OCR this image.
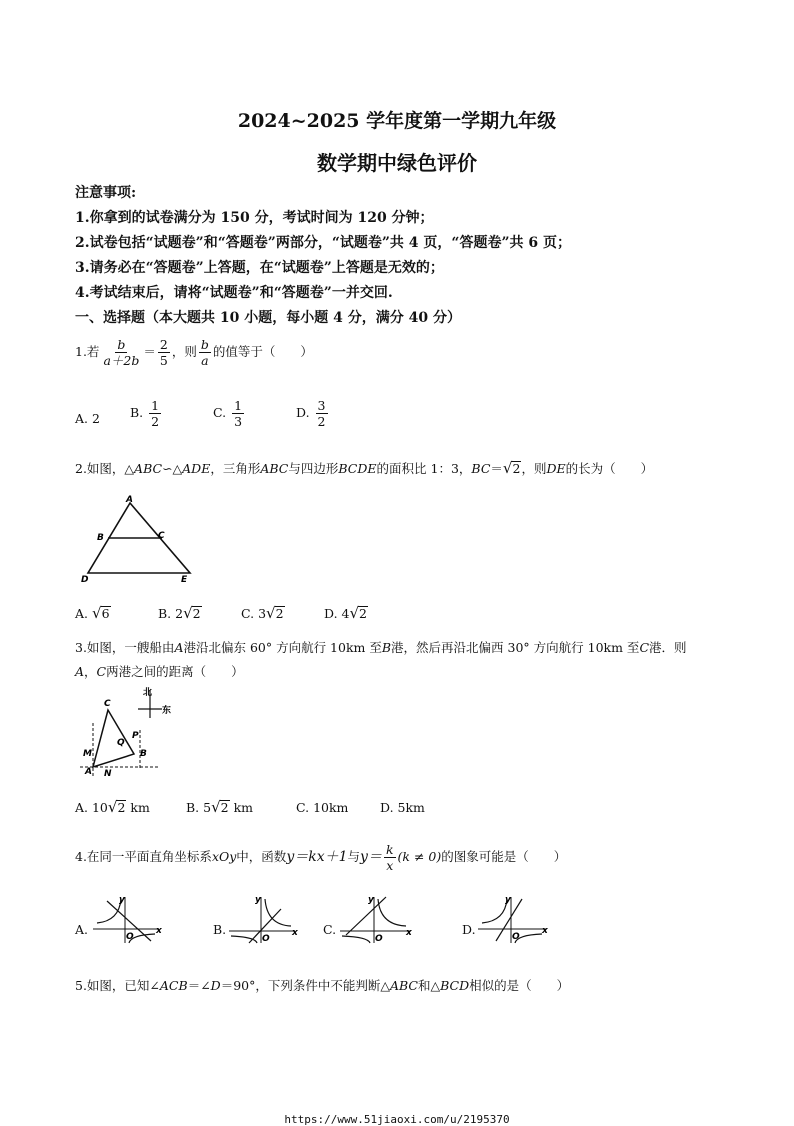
2024~2025 学年度第一学期九年级
数学期中绿色评价
注意事项:
1.你拿到的试卷满分为 150 分，考试时间为 120 分钟；
2.试卷包括“试题卷”和“答题卷”两部分，“试题卷”共 4 页，“答题卷”共 6 页；
3.请务必在“答题卷”上答题，在“试题卷”上答题是无效的；
4.考试结束后，请将“试题卷”和“答题卷”一并交回.
一、选择题（本大题共 10 小题，每小题 4 分，满分 40 分）
1.若 $\frac{b}{a+2b} = \frac{2}{5}$ ，则 $\frac{b}{a}$ 的值等于（　　）
A. 2 B. $\frac{1}{2}$	C. $\frac{1}{3}$	D. $\frac{3}{2}$
2.如图，△ABC∽△ADE，三角形ABC与四边形BCDE的面积比 1：3，BC＝√2，则DE的长为（　　）
A
B	C
D	E
A. √6	B. 2√2	C. 3√2	D. 4√2
3.如图，一艘船由A港沿北偏东 60° 方向航行 10km 至B港，然后再沿北偏西 30° 方向航行 10km 至C港．则
A，C两港之间的距离（　　）
北
东
C
Q
P
B
M
A N
A. 10√2 km	B. 5√2 km	C. 10km	D. 5km
4.在同一平面直角坐标系xOy中，函数y＝kx＋1与$y= \frac{k}{x} (k \ne 0)$的图象可能是（　　）
A.
y
x
O	B.
y
x
O
C.
y
x
O
D.
y
x
O
5.如图，已知∠ACB＝∠D＝90°，下列条件中不能判断△ABC和△BCD相似的是（　　）
https://www.51jiaoxi.com/u/2195370
